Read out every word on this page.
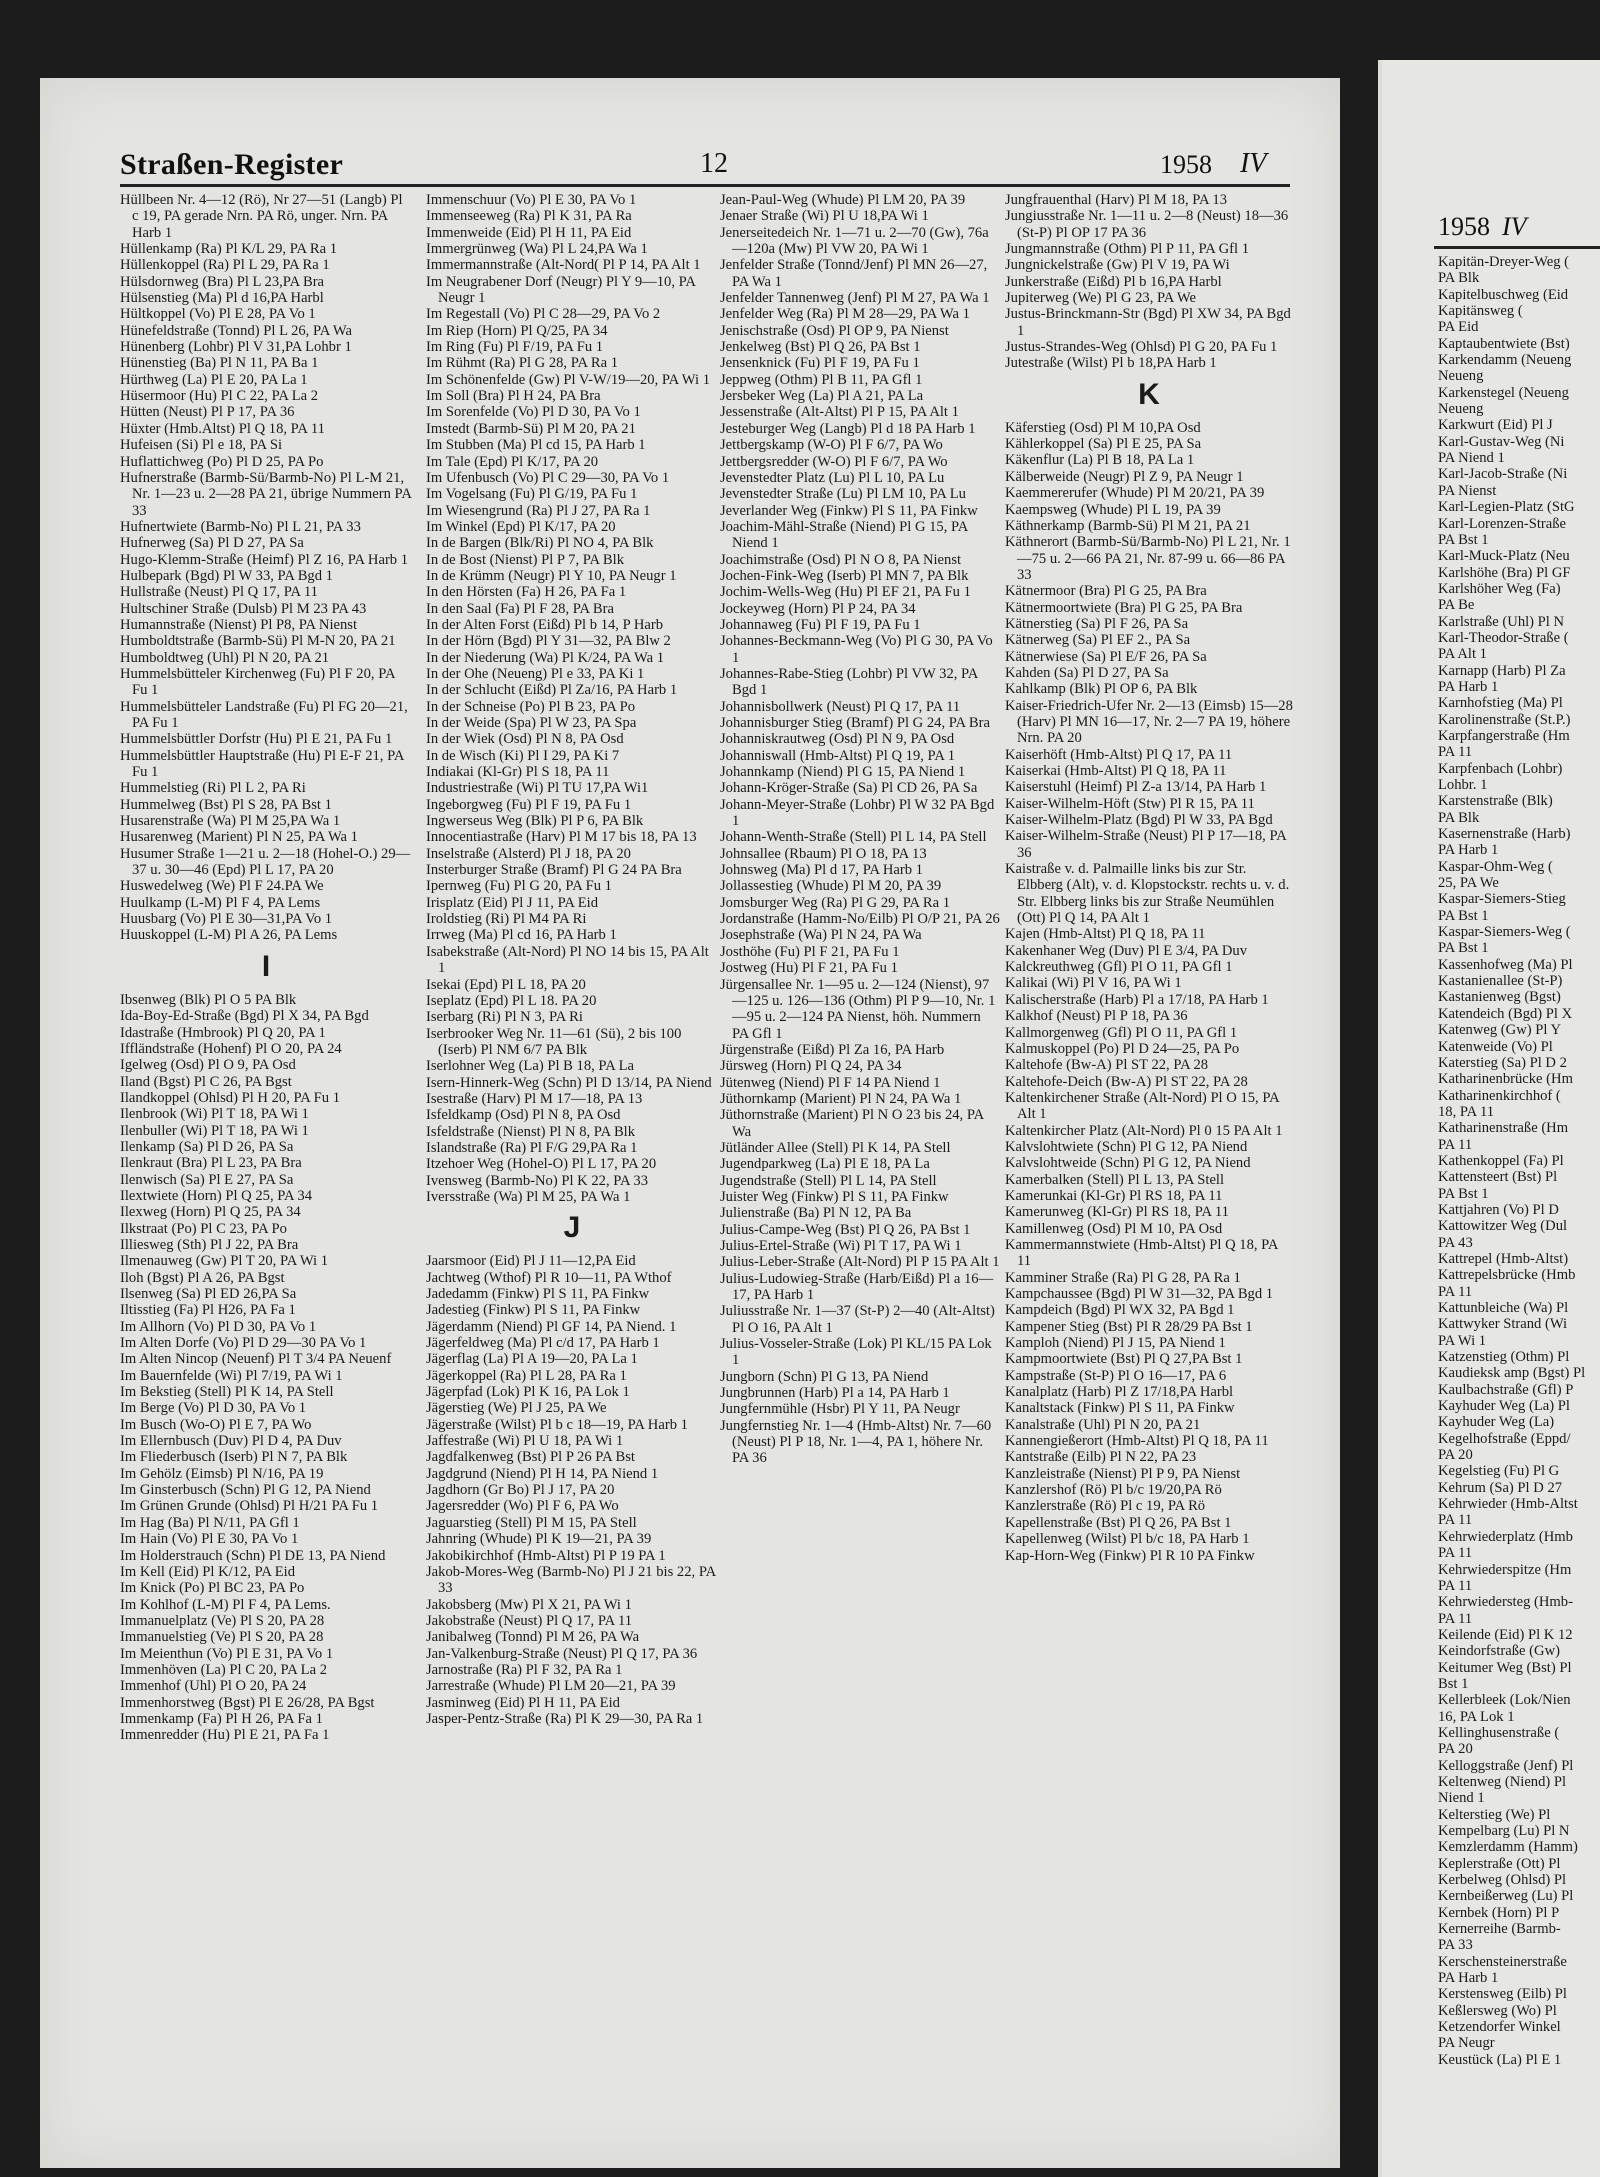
Straßen-Register	12	1958 IV
Hüllbeen Nr. 4—12 (Rö), Nr 27—51 (Langb) Pl c 19, PA gerade Nrn. PA Rö, unger. Nrn. PA Harb 1
Hüllenkamp (Ra) Pl K/L 29, PA Ra 1
Hüllenkoppel (Ra) Pl L 29, PA Ra 1
Hülsdornweg (Bra) Pl L 23,PA Bra
Hülsenstieg (Ma) Pl d 16,PA Harbl
Hültkoppel (Vo) Pl E 28, PA Vo 1
Hünefeldstraße (Tonnd) Pl L 26, PA Wa
Hünenberg (Lohbr) Pl V 31,PA Lohbr 1
Hünenstieg (Ba) Pl N 11, PA Ba 1
Hürthweg (La) Pl E 20, PA La 1
Hüsermoor (Hu) Pl C 22, PA La 2
Hütten (Neust) Pl P 17, PA 36
Hüxter (Hmb.Altst) Pl Q 18, PA 11
Hufeisen (Si) Pl e 18, PA Si
Huflattichweg (Po) Pl D 25, PA Po
Hufnerstraße (Barmb-Sü/Barmb-No) Pl L-M 21, Nr. 1—23 u. 2—28 PA 21, übrige Nummern PA 33
Hufnertwiete (Barmb-No) Pl L 21, PA 33
Hufnerweg (Sa) Pl D 27, PA Sa
Hugo-Klemm-Straße (Heimf) Pl Z 16, PA Harb 1
Hulbepark (Bgd) Pl W 33, PA Bgd 1
Hullstraße (Neust) Pl Q 17, PA 11
Hultschiner Straße (Dulsb) Pl M 23 PA 43
Humannstraße (Nienst) Pl P8, PA Nienst
Humboldtstraße (Barmb-Sü) Pl M-N 20, PA 21
Humboldtweg (Uhl) Pl N 20, PA 21
Hummelsbütteler Kirchenweg (Fu) Pl F 20, PA Fu 1
Hummelsbütteler Landstraße (Fu) Pl FG 20—21, PA Fu 1
Hummelsbüttler Dorfstr (Hu) Pl E 21, PA Fu 1
Hummelsbüttler Hauptstraße (Hu) Pl E-F 21, PA Fu 1
Hummelstieg (Ri) Pl L 2, PA Ri
Hummelweg (Bst) Pl S 28, PA Bst 1
Husarenstraße (Wa) Pl M 25,PA Wa 1
Husarenweg (Marient) Pl N 25, PA Wa 1
Husumer Straße 1—21 u. 2—18 (Hohel-O.) 29—37 u. 30—46 (Epd) Pl L 17, PA 20
Huswedelweg (We) Pl F 24.PA We
Huulkamp (L-M) Pl F 4, PA Lems
Huusbarg (Vo) Pl E 30—31,PA Vo 1
Huuskoppel (L-M) Pl A 26, PA Lems
I
Ibsenweg (Blk) Pl O 5 PA Blk
Ida-Boy-Ed-Straße (Bgd) Pl X 34, PA Bgd
Idastraße (Hmbrook) Pl Q 20, PA 1
Iffländstraße (Hohenf) Pl O 20, PA 24
Igelweg (Osd) Pl O 9, PA Osd
Iland (Bgst) Pl C 26, PA Bgst
Ilandkoppel (Ohlsd) Pl H 20, PA Fu 1
Ilenbrook (Wi) Pl T 18, PA Wi 1
Ilenbuller (Wi) Pl T 18, PA Wi 1
Ilenkamp (Sa) Pl D 26, PA Sa
Ilenkraut (Bra) Pl L 23, PA Bra
Ilenwisch (Sa) Pl E 27, PA Sa
Ilextwiete (Horn) Pl Q 25, PA 34
Ilexweg (Horn) Pl Q 25, PA 34
Ilkstraat (Po) Pl C 23, PA Po
Illiesweg (Sth) Pl J 22, PA Bra
Ilmenauweg (Gw) Pl T 20, PA Wi 1
Iloh (Bgst) Pl A 26, PA Bgst
Ilsenweg (Sa) Pl ED 26,PA Sa
Iltisstieg (Fa) Pl H26, PA Fa 1
Im Allhorn (Vo) Pl D 30, PA Vo 1
Im Alten Dorfe (Vo) Pl D 29—30 PA Vo 1
Im Alten Nincop (Neuenf) Pl T 3/4 PA Neuenf
Im Bauernfelde (Wi) Pl 7/19, PA Wi 1
Im Bekstieg (Stell) Pl K 14, PA Stell
Im Berge (Vo) Pl D 30, PA Vo 1
Im Busch (Wo-O) Pl E 7, PA Wo
Im Ellernbusch (Duv) Pl D 4, PA Duv
Im Fliederbusch (Iserb) Pl N 7, PA Blk
Im Gehölz (Eimsb) Pl N/16, PA 19
Im Ginsterbusch (Schn) Pl G 12, PA Niend
Im Grünen Grunde (Ohlsd) Pl H/21 PA Fu 1
Im Hag (Ba) Pl N/11, PA Gfl 1
Im Hain (Vo) Pl E 30, PA Vo 1
Im Holderstrauch (Schn) Pl DE 13, PA Niend
Im Kell (Eid) Pl K/12, PA Eid
Im Knick (Po) Pl BC 23, PA Po
Im Kohlhof (L-M) Pl F 4, PA Lems.
Immanuelplatz (Ve) Pl S 20, PA 28
Immanuelstieg (Ve) Pl S 20, PA 28
Im Meienthun (Vo) Pl E 31, PA Vo 1
Immenhöven (La) Pl C 20, PA La 2
Immenhof (Uhl) Pl O 20, PA 24
Immenhorstweg (Bgst) Pl E 26/28, PA Bgst
Immenkamp (Fa) Pl H 26, PA Fa 1
Immenredder (Hu) Pl E 21, PA Fa 1
Immenschuur (Vo) Pl E 30, PA Vo 1
Immenseeweg (Ra) Pl K 31, PA Ra
Immenweide (Eid) Pl H 11, PA Eid
Immergrünweg (Wa) Pl L 24,PA Wa 1
Immermannstraße (Alt-Nord( Pl P 14, PA Alt 1
Im Neugrabener Dorf (Neugr) Pl Y 9—10, PA Neugr 1
Im Regestall (Vo) Pl C 28—29, PA Vo 2
Im Riep (Horn) Pl Q/25, PA 34
Im Ring (Fu) Pl F/19, PA Fu 1
Im Rühmt (Ra) Pl G 28, PA Ra 1
Im Schönenfelde (Gw) Pl V-W/19—20, PA Wi 1
Im Soll (Bra) Pl H 24, PA Bra
Im Sorenfelde (Vo) Pl D 30, PA Vo 1
Imstedt (Barmb-Sü) Pl M 20, PA 21
Im Stubben (Ma) Pl cd 15, PA Harb 1
Im Tale (Epd) Pl K/17, PA 20
Im Ufenbusch (Vo) Pl C 29—30, PA Vo 1
Im Vogelsang (Fu) Pl G/19, PA Fu 1
Im Wiesengrund (Ra) Pl J 27, PA Ra 1
Im Winkel (Epd) Pl K/17, PA 20
In de Bargen (Blk/Ri) Pl NO 4, PA Blk
In de Bost (Nienst) Pl P 7, PA Blk
In de Krümm (Neugr) Pl Y 10, PA Neugr 1
In den Hörsten (Fa) H 26, PA Fa 1
In den Saal (Fa) Pl F 28, PA Bra
In der Alten Forst (Eißd) Pl b 14, P Harb
In der Hörn (Bgd) Pl Y 31—32, PA Blw 2
In der Niederung (Wa) Pl K/24, PA Wa 1
In der Ohe (Neueng) Pl e 33, PA Ki 1
In der Schlucht (Eißd) Pl Za/16, PA Harb 1
In der Schneise (Po) Pl B 23, PA Po
In der Weide (Spa) Pl W 23, PA Spa
In der Wiek (Osd) Pl N 8, PA Osd
In de Wisch (Ki) Pl I 29, PA Ki 7
Indiakai (Kl-Gr) Pl S 18, PA 11
Industriestraße (Wi) Pl TU 17,PA Wi1
Ingeborgweg (Fu) Pl F 19, PA Fu 1
Ingwerseus Weg (Blk) Pl P 6, PA Blk
Innocentiastraße (Harv) Pl M 17 bis 18, PA 13
Inselstraße (Alsterd) Pl J 18, PA 20
Insterburger Straße (Bramf) Pl G 24 PA Bra
Ipernweg (Fu) Pl G 20, PA Fu 1
Irisplatz (Eid) Pl J 11, PA Eid
Iroldstieg (Ri) Pl M4 PA Ri
Irrweg (Ma) Pl cd 16, PA Harb 1
Isabekstraße (Alt-Nord) Pl NO 14 bis 15, PA Alt 1
Isekai (Epd) Pl L 18, PA 20
Iseplatz (Epd) Pl L 18. PA 20
Iserbarg (Ri) Pl N 3, PA Ri
Iserbrooker Weg Nr. 11—61 (Sü), 2 bis 100 (Iserb) Pl NM 6/7 PA Blk
Iserlohner Weg (La) Pl B 18, PA La
Isern-Hinnerk-Weg (Schn) Pl D 13/14, PA Niend
Isestraße (Harv) Pl M 17—18, PA 13
Isfeldkamp (Osd) Pl N 8, PA Osd
Isfeldstraße (Nienst) Pl N 8, PA Blk
Islandstraße (Ra) Pl F/G 29,PA Ra 1
Itzehoer Weg (Hohel-O) Pl L 17, PA 20
Ivensweg (Barmb-No) Pl K 22, PA 33
Iversstraße (Wa) Pl M 25, PA Wa 1
J
Jaarsmoor (Eid) Pl J 11—12,PA Eid
Jachtweg (Wthof) Pl R 10—11, PA Wthof
Jadedamm (Finkw) Pl S 11, PA Finkw
Jadestieg (Finkw) Pl S 11, PA Finkw
Jägerdamm (Niend) Pl GF 14, PA Niend. 1
Jägerfeldweg (Ma) Pl c/d 17, PA Harb 1
Jägerflag (La) Pl A 19—20, PA La 1
Jägerkoppel (Ra) Pl L 28, PA Ra 1
Jägerpfad (Lok) Pl K 16, PA Lok 1
Jägerstieg (We) Pl J 25, PA We
Jägerstraße (Wilst) Pl b c 18—19, PA Harb 1
Jaffestraße (Wi) Pl U 18, PA Wi 1
Jagdfalkenweg (Bst) Pl P 26 PA Bst
Jagdgrund (Niend) Pl H 14, PA Niend 1
Jagdhorn (Gr Bo) Pl J 17, PA 20
Jagersredder (Wo) Pl F 6, PA Wo
Jaguarstieg (Stell) Pl M 15, PA Stell
Jahnring (Whude) Pl K 19—21, PA 39
Jakobikirchhof (Hmb-Altst) Pl P 19 PA 1
Jakob-Mores-Weg (Barmb-No) Pl J 21 bis 22, PA 33
Jakobsberg (Mw) Pl X 21, PA Wi 1
Jakobstraße (Neust) Pl Q 17, PA 11
Janibalweg (Tonnd) Pl M 26, PA Wa
Jan-Valkenburg-Straße (Neust) Pl Q 17, PA 36
Jarnostraße (Ra) Pl F 32, PA Ra 1
Jarrestraße (Whude) Pl LM 20—21, PA 39
Jasminweg (Eid) Pl H 11, PA Eid
Jasper-Pentz-Straße (Ra) Pl K 29—30, PA Ra 1
Jean-Paul-Weg (Whude) Pl LM 20, PA 39
Jenaer Straße (Wi) Pl U 18,PA Wi 1
Jenerseitedeich Nr. 1—71 u. 2—70 (Gw), 76a—120a (Mw) Pl VW 20, PA Wi 1
Jenfelder Straße (Tonnd/Jenf) Pl MN 26—27, PA Wa 1
Jenfelder Tannenweg (Jenf) Pl M 27, PA Wa 1
Jenfelder Weg (Ra) Pl M 28—29, PA Wa 1
Jenischstraße (Osd) Pl OP 9, PA Nienst
Jenkelweg (Bst) Pl Q 26, PA Bst 1
Jensenknick (Fu) Pl F 19, PA Fu 1
Jeppweg (Othm) Pl B 11, PA Gfl 1
Jersbeker Weg (La) Pl A 21, PA La
Jessenstraße (Alt-Altst) Pl P 15, PA Alt 1
Jesteburger Weg (Langb) Pl d 18 PA Harb 1
Jettbergskamp (W-O) Pl F 6/7, PA Wo
Jettbergsredder (W-O) Pl F 6/7, PA Wo
Jevenstedter Platz (Lu) Pl L 10, PA Lu
Jevenstedter Straße (Lu) Pl LM 10, PA Lu
Jeverlander Weg (Finkw) Pl S 11, PA Finkw
Joachim-Mähl-Straße (Niend) Pl G 15, PA Niend 1
Joachimstraße (Osd) Pl N O 8, PA Nienst
Jochen-Fink-Weg (Iserb) Pl MN 7, PA Blk
Jochim-Wells-Weg (Hu) Pl EF 21, PA Fu 1
Jockeyweg (Horn) Pl P 24, PA 34
Johannaweg (Fu) Pl F 19, PA Fu 1
Johannes-Beckmann-Weg (Vo) Pl G 30, PA Vo 1
Johannes-Rabe-Stieg (Lohbr) Pl VW 32, PA Bgd 1
Johannisbollwerk (Neust) Pl Q 17, PA 11
Johannisburger Stieg (Bramf) Pl G 24, PA Bra
Johanniskrautweg (Osd) Pl N 9, PA Osd
Johanniswall (Hmb-Altst) Pl Q 19, PA 1
Johannkamp (Niend) Pl G 15, PA Niend 1
Johann-Kröger-Straße (Sa) Pl CD 26, PA Sa
Johann-Meyer-Straße (Lohbr) Pl W 32 PA Bgd 1
Johann-Wenth-Straße (Stell) Pl L 14, PA Stell
Johnsallee (Rbaum) Pl O 18, PA 13
Johnsweg (Ma) Pl d 17, PA Harb 1
Jollassestieg (Whude) Pl M 20, PA 39
Jomsburger Weg (Ra) Pl G 29, PA Ra 1
Jordanstraße (Hamm-No/Eilb) Pl O/P 21, PA 26
Josephstraße (Wa) Pl N 24, PA Wa
Josthöhe (Fu) Pl F 21, PA Fu 1
Jostweg (Hu) Pl F 21, PA Fu 1
Jürgensallee Nr. 1—95 u. 2—124 (Nienst), 97—125 u. 126—136 (Othm) Pl P 9—10, Nr. 1—95 u. 2—124 PA Nienst, höh. Nummern PA Gfl 1
Jürgenstraße (Eißd) Pl Za 16, PA Harb
Jürsweg (Horn) Pl Q 24, PA 34
Jütenweg (Niend) Pl F 14 PA Niend 1
Jüthornkamp (Marient) Pl N 24, PA Wa 1
Jüthornstraße (Marient) Pl N O 23 bis 24, PA Wa
Jütländer Allee (Stell) Pl K 14, PA Stell
Jugendparkweg (La) Pl E 18, PA La
Jugendstraße (Stell) Pl L 14, PA Stell
Juister Weg (Finkw) Pl S 11, PA Finkw
Julienstraße (Ba) Pl N 12, PA Ba
Julius-Campe-Weg (Bst) Pl Q 26, PA Bst 1
Julius-Ertel-Straße (Wi) Pl T 17, PA Wi 1
Julius-Leber-Straße (Alt-Nord) Pl P 15 PA Alt 1
Julius-Ludowieg-Straße (Harb/Eißd) Pl a 16—17, PA Harb 1
Juliusstraße Nr. 1—37 (St-P) 2—40 (Alt-Altst) Pl O 16, PA Alt 1
Julius-Vosseler-Straße (Lok) Pl KL/15 PA Lok 1
Jungborn (Schn) Pl G 13, PA Niend
Jungbrunnen (Harb) Pl a 14, PA Harb 1
Jungfernmühle (Hsbr) Pl Y 11, PA Neugr
Jungfernstieg Nr. 1—4 (Hmb-Altst) Nr. 7—60 (Neust) Pl P 18, Nr. 1—4, PA 1, höhere Nr. PA 36
Jungfrauenthal (Harv) Pl M 18, PA 13
Jungiusstraße Nr. 1—11 u. 2—8 (Neust) 18—36 (St-P) Pl OP 17 PA 36
Jungmannstraße (Othm) Pl P 11, PA Gfl 1
Jungnickelstraße (Gw) Pl V 19, PA Wi
Junkerstraße (Eißd) Pl b 16,PA Harbl
Jupiterweg (We) Pl G 23, PA We
Justus-Brinckmann-Str (Bgd) Pl XW 34, PA Bgd 1
Justus-Strandes-Weg (Ohlsd) Pl G 20, PA Fu 1
Jutestraße (Wilst) Pl b 18,PA Harb 1
K
Käferstieg (Osd) Pl M 10,PA Osd
Kählerkoppel (Sa) Pl E 25, PA Sa
Käkenflur (La) Pl B 18, PA La 1
Kälberweide (Neugr) Pl Z 9, PA Neugr 1
Kaemmererufer (Whude) Pl M 20/21, PA 39
Kaempsweg (Whude) Pl L 19, PA 39
Käthnerkamp (Barmb-Sü) Pl M 21, PA 21
Käthnerort (Barmb-Sü/Barmb-No) Pl L 21, Nr. 1—75 u. 2—66 PA 21, Nr. 87-99 u. 66—86 PA 33
Kätnermoor (Bra) Pl G 25, PA Bra
Kätnermoortwiete (Bra) Pl G 25, PA Bra
Kätnerstieg (Sa) Pl F 26, PA Sa
Kätnerweg (Sa) Pl EF 2., PA Sa
Kätnerwiese (Sa) Pl E/F 26, PA Sa
Kahden (Sa) Pl D 27, PA Sa
Kahlkamp (Blk) Pl OP 6, PA Blk
Kaiser-Friedrich-Ufer Nr. 2—13 (Eimsb) 15—28 (Harv) Pl MN 16—17, Nr. 2—7 PA 19, höhere Nrn. PA 20
Kaiserhöft (Hmb-Altst) Pl Q 17, PA 11
Kaiserkai (Hmb-Altst) Pl Q 18, PA 11
Kaiserstuhl (Heimf) Pl Z-a 13/14, PA Harb 1
Kaiser-Wilhelm-Höft (Stw) Pl R 15, PA 11
Kaiser-Wilhelm-Platz (Bgd) Pl W 33, PA Bgd
Kaiser-Wilhelm-Straße (Neust) Pl P 17—18, PA 36
Kaistraße v. d. Palmaille links bis zur Str. Elbberg (Alt), v. d. Klopstockstr. rechts u. v. d. Str. Elbberg links bis zur Straße Neumühlen (Ott) Pl Q 14, PA Alt 1
Kajen (Hmb-Altst) Pl Q 18, PA 11
Kakenhaner Weg (Duv) Pl E 3/4, PA Duv
Kalckreuthweg (Gfl) Pl O 11, PA Gfl 1
Kalikai (Wi) Pl V 16, PA Wi 1
Kalischerstraße (Harb) Pl a 17/18, PA Harb 1
Kalkhof (Neust) Pl P 18, PA 36
Kallmorgenweg (Gfl) Pl O 11, PA Gfl 1
Kalmuskoppel (Po) Pl D 24—25, PA Po
Kaltehofe (Bw-A) Pl ST 22, PA 28
Kaltehofe-Deich (Bw-A) Pl ST 22, PA 28
Kaltenkirchener Straße (Alt-Nord) Pl O 15, PA Alt 1
Kaltenkircher Platz (Alt-Nord) Pl 0 15 PA Alt 1
Kalvslohtwiete (Schn) Pl G 12, PA Niend
Kalvslohtweide (Schn) Pl G 12, PA Niend
Kamerbalken (Stell) Pl L 13, PA Stell
Kamerunkai (Kl-Gr) Pl RS 18, PA 11
Kamerunweg (Kl-Gr) Pl RS 18, PA 11
Kamillenweg (Osd) Pl M 10, PA Osd
Kammermannstwiete (Hmb-Altst) Pl Q 18, PA 11
Kamminer Straße (Ra) Pl G 28, PA Ra 1
Kampchaussee (Bgd) Pl W 31—32, PA Bgd 1
Kampdeich (Bgd) Pl WX 32, PA Bgd 1
Kampener Stieg (Bst) Pl R 28/29 PA Bst 1
Kamploh (Niend) Pl J 15, PA Niend 1
Kampmoortwiete (Bst) Pl Q 27,PA Bst 1
Kampstraße (St-P) Pl O 16—17, PA 6
Kanalplatz (Harb) Pl Z 17/18,PA Harbl
Kanaltstack (Finkw) Pl S 11, PA Finkw
Kanalstraße (Uhl) Pl N 20, PA 21
Kannengießerort (Hmb-Altst) Pl Q 18, PA 11
Kantstraße (Eilb) Pl N 22, PA 23
Kanzleistraße (Nienst) Pl P 9, PA Nienst
Kanzlershof (Rö) Pl b/c 19/20,PA Rö
Kanzlerstraße (Rö) Pl c 19, PA Rö
Kapellenstraße (Bst) Pl Q 26, PA Bst 1
Kapellenweg (Wilst) Pl b/c 18, PA Harb 1
Kap-Horn-Weg (Finkw) Pl R 10 PA Finkw
1958 IV
Kapitän-Dreyer-Weg (
PA Blk
Kapitelbuschweg (Eid
Kapitänsweg (
PA Eid
Kaptaubentwiete (Bst)
Karkendamm (Neueng
Neueng
Karkenstegel (Neueng
Neueng
Karkwurt (Eid) Pl J
Karl-Gustav-Weg (Ni
PA Niend 1
Karl-Jacob-Straße (Ni
PA Nienst
Karl-Legien-Platz (StG
Karl-Lorenzen-Straße
PA Bst 1
Karl-Muck-Platz (Neu
Karlshöhe (Bra) Pl GF
Karlshöher Weg (Fa)
PA Be
Karlstraße (Uhl) Pl N
Karl-Theodor-Straße (
PA Alt 1
Karnapp (Harb) Pl Za
PA Harb 1
Karnhofstieg (Ma) Pl
Karolinenstraße (St.P.)
Karpfangerstraße (Hm
PA 11
Karpfenbach (Lohbr)
Lohbr. 1
Karstenstraße (Blk)
PA Blk
Kasernenstraße (Harb)
PA Harb 1
Kaspar-Ohm-Weg (
25, PA We
Kaspar-Siemers-Stieg
PA Bst 1
Kaspar-Siemers-Weg (
PA Bst 1
Kassenhofweg (Ma) Pl
Kastanienallee (St-P)
Kastanienweg (Bgst)
Katendeich (Bgd) Pl X
Katenweg (Gw) Pl Y
Katenweide (Vo) Pl
Katerstieg (Sa) Pl D 2
Katharinenbrücke (Hm
Katharinenkirchhof (
18, PA 11
Katharinenstraße (Hm
PA 11
Kathenkoppel (Fa) Pl
Kattensteert (Bst) Pl
PA Bst 1
Kattjahren (Vo) Pl D
Kattowitzer Weg (Dul
PA 43
Kattrepel (Hmb-Altst)
Kattrepelsbrücke (Hmb
PA 11
Kattunbleiche (Wa) Pl
Kattwyker Strand (Wi
PA Wi 1
Katzenstieg (Othm) Pl
Kaudieksk amp (Bgst) Pl
Kaulbachstraße (Gfl) P
Kayhuder Weg (La) Pl
Kayhuder Weg (La)
Kegelhofstraße (Eppd/
PA 20
Kegelstieg (Fu) Pl G
Kehrum (Sa) Pl D 27
Kehrwieder (Hmb-Altst
PA 11
Kehrwiederplatz (Hmb
PA 11
Kehrwiederspitze (Hm
PA 11
Kehrwiedersteg (Hmb-
PA 11
Keilende (Eid) Pl K 12
Keindorfstraße (Gw)
Keitumer Weg (Bst) Pl
Bst 1
Kellerbleek (Lok/Nien
16, PA Lok 1
Kellinghusenstraße (
PA 20
Kelloggstraße (Jenf) Pl
Keltenweg (Niend) Pl
Niend 1
Kelterstieg (We) Pl
Kempelbarg (Lu) Pl N
Kemzlerdamm (Hamm)
Keplerstraße (Ott) Pl
Kerbelweg (Ohlsd) Pl
Kernbeißerweg (Lu) Pl
Kernbek (Horn) Pl P
Kernerreihe (Barmb-
PA 33
Kerschensteinerstraße
PA Harb 1
Kerstensweg (Eilb) Pl
Keßlersweg (Wo) Pl
Ketzendorfer Winkel
PA Neugr
Keustück (La) Pl E 1
